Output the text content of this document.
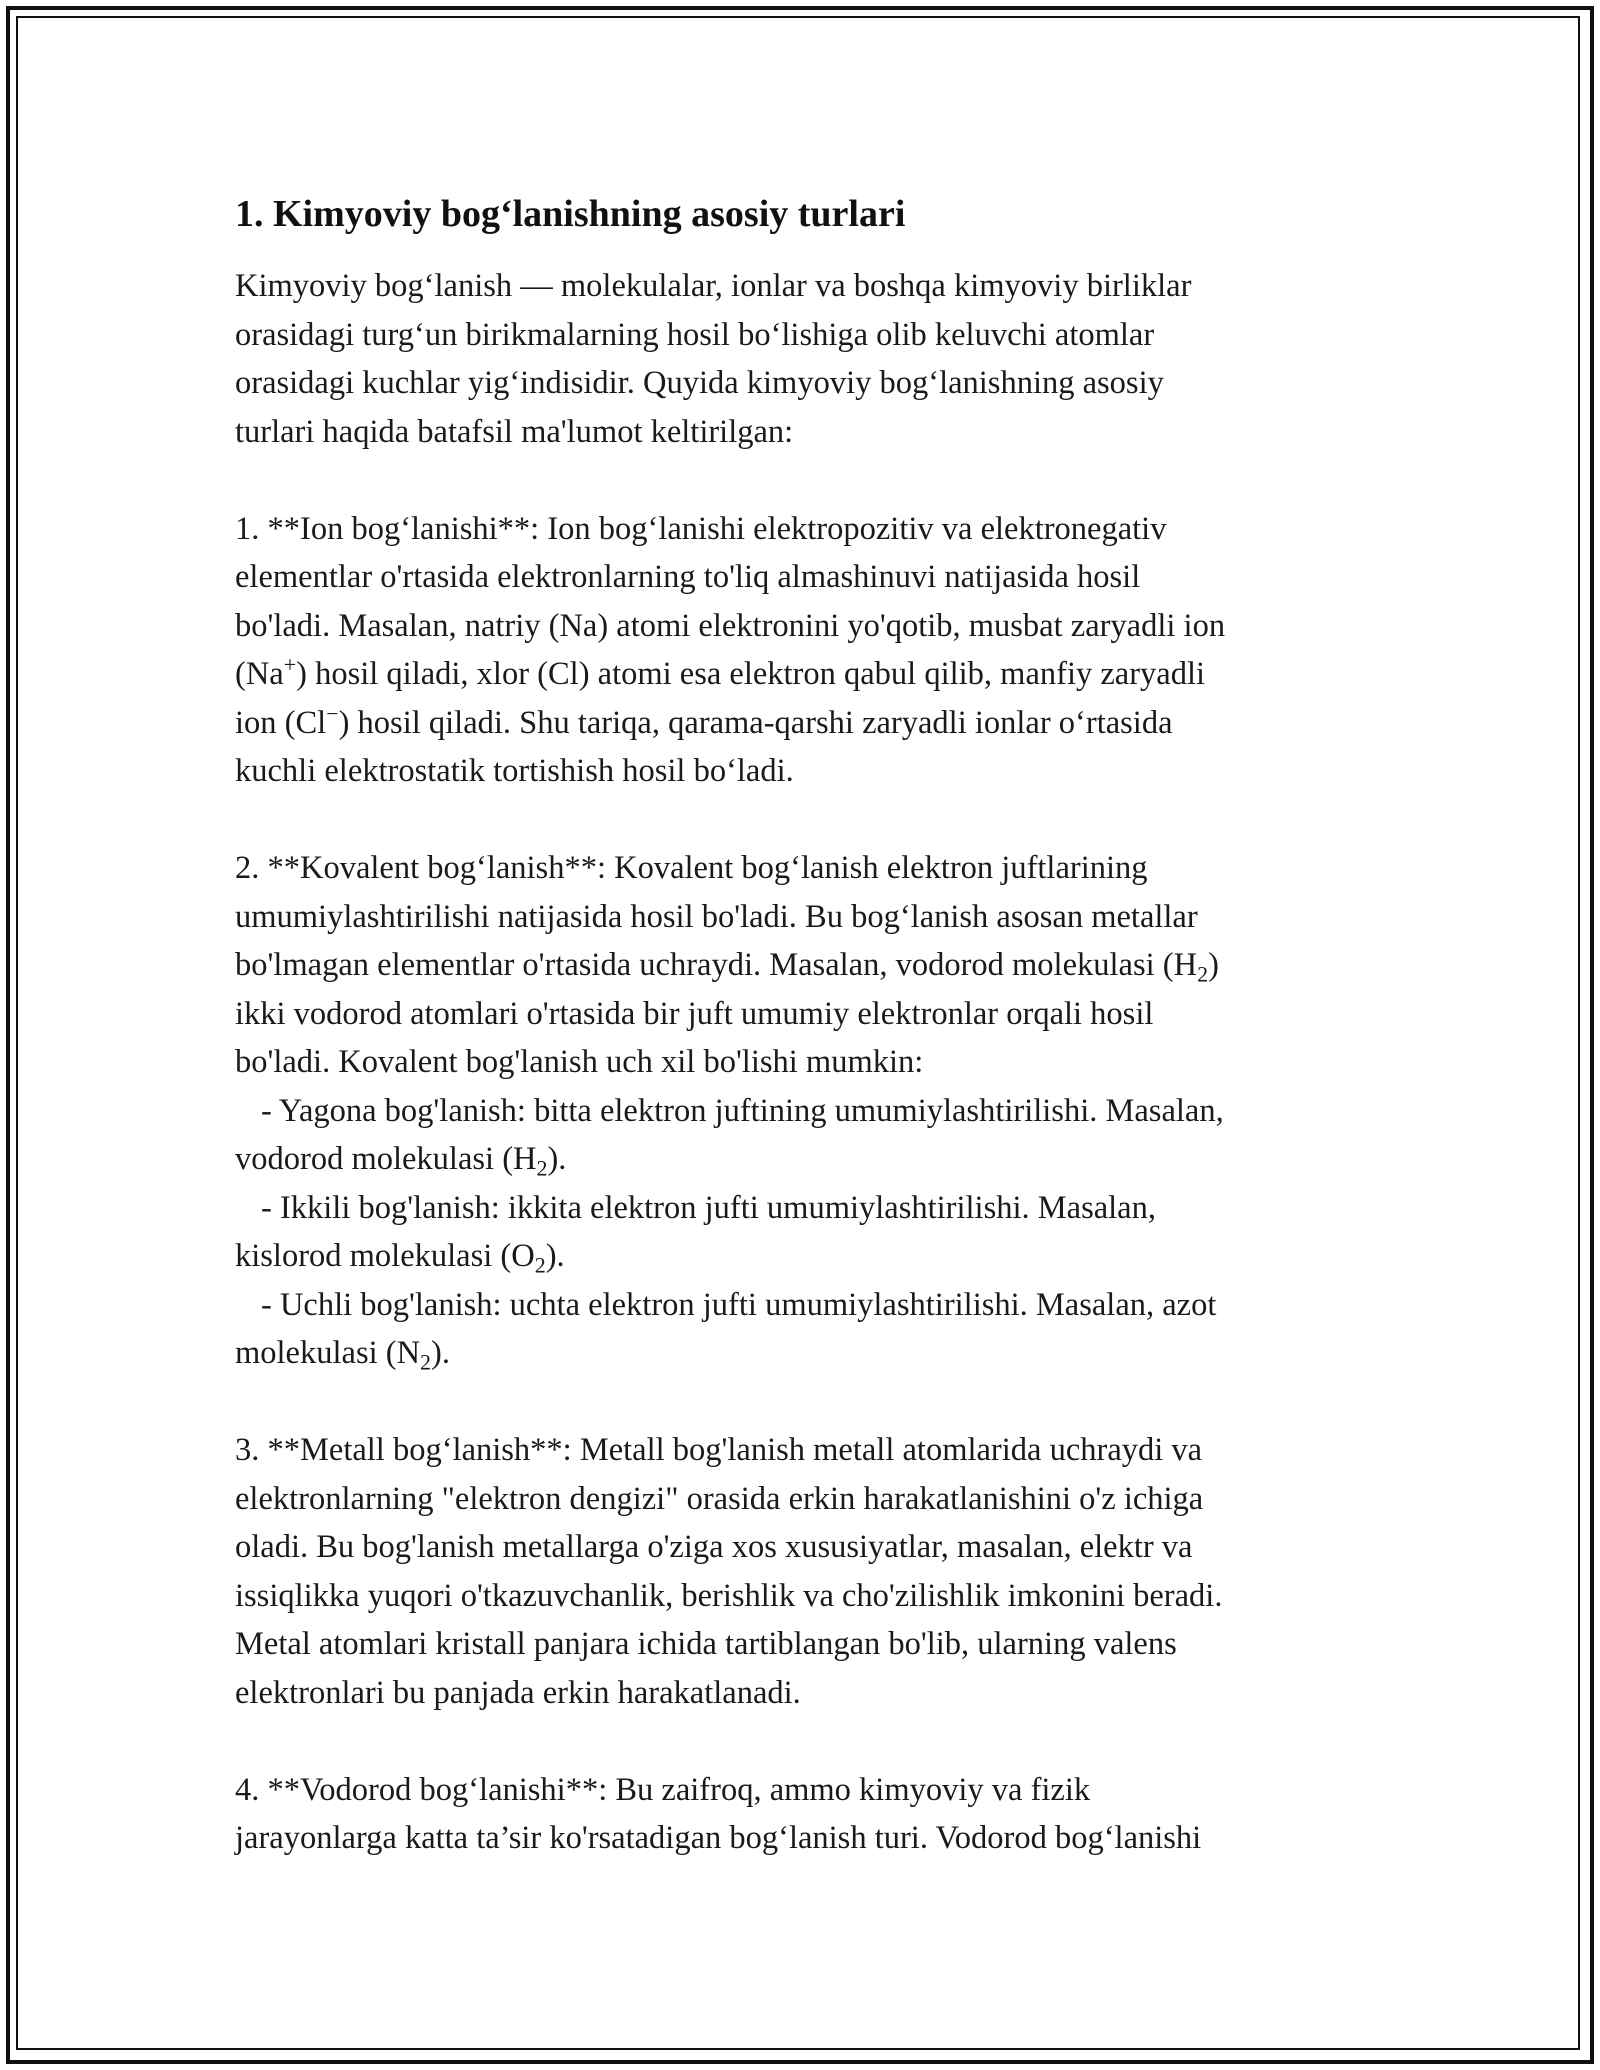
1. Kimyoviy bog‘lanishning asosiy turlari
Kimyoviy bog‘lanish — molekulalar, ionlar va boshqa kimyoviy birliklar
orasidagi turg‘un birikmalarning hosil bo‘lishiga olib keluvchi atomlar
orasidagi kuchlar yig‘indisidir. Quyida kimyoviy bog‘lanishning asosiy
turlari haqida batafsil ma'lumot keltirilgan:
1. **Ion bog‘lanishi**: Ion bog‘lanishi elektropozitiv va elektronegativ
elementlar o'rtasida elektronlarning to'liq almashinuvi natijasida hosil
bo'ladi. Masalan, natriy (Na) atomi elektronini yo'qotib, musbat zaryadli ion
(Na+) hosil qiladi, xlor (Cl) atomi esa elektron qabul qilib, manfiy zaryadli
ion (Cl−) hosil qiladi. Shu tariqa, qarama-qarshi zaryadli ionlar o‘rtasida
kuchli elektrostatik tortishish hosil bo‘ladi.
2. **Kovalent bog‘lanish**: Kovalent bog‘lanish elektron juftlarining
umumiylashtirilishi natijasida hosil bo'ladi. Bu bog‘lanish asosan metallar
bo'lmagan elementlar o'rtasida uchraydi. Masalan, vodorod molekulasi $(H_2)$
ikki vodorod atomlari o'rtasida bir juft umumiy elektronlar orqali hosil
bo'ladi. Kovalent bog'lanish uch xil bo'lishi mumkin:
- Yagona bog'lanish: bitta elektron juftining umumiylashtirilishi. Masalan,
vodorod molekulasi $(H_2)$.
- Ikkili bog'lanish: ikkita elektron jufti umumiylashtirilishi. Masalan,
kislorod molekulasi $(O_2)$.
- Uchli bog'lanish: uchta elektron jufti umumiylashtirilishi. Masalan, azot
molekulasi $(N_2)$.
3. **Metall bog‘lanish**: Metall bog'lanish metall atomlarida uchraydi va
elektronlarning "elektron dengizi" orasida erkin harakatlanishini o'z ichiga
oladi. Bu bog'lanish metallarga o'ziga xos xususiyatlar, masalan, elektr va
issiqlikka yuqori o'tkazuvchanlik, berishlik va cho'zilishlik imkonini beradi.
Metal atomlari kristall panjara ichida tartiblangan bo'lib, ularning valens
elektronlari bu panjada erkin harakatlanadi.
4. **Vodorod bog‘lanishi**: Bu zaifroq, ammo kimyoviy va fizik
jarayonlarga katta ta’sir ko'rsatadigan bog‘lanish turi. Vodorod bog‘lanishi
